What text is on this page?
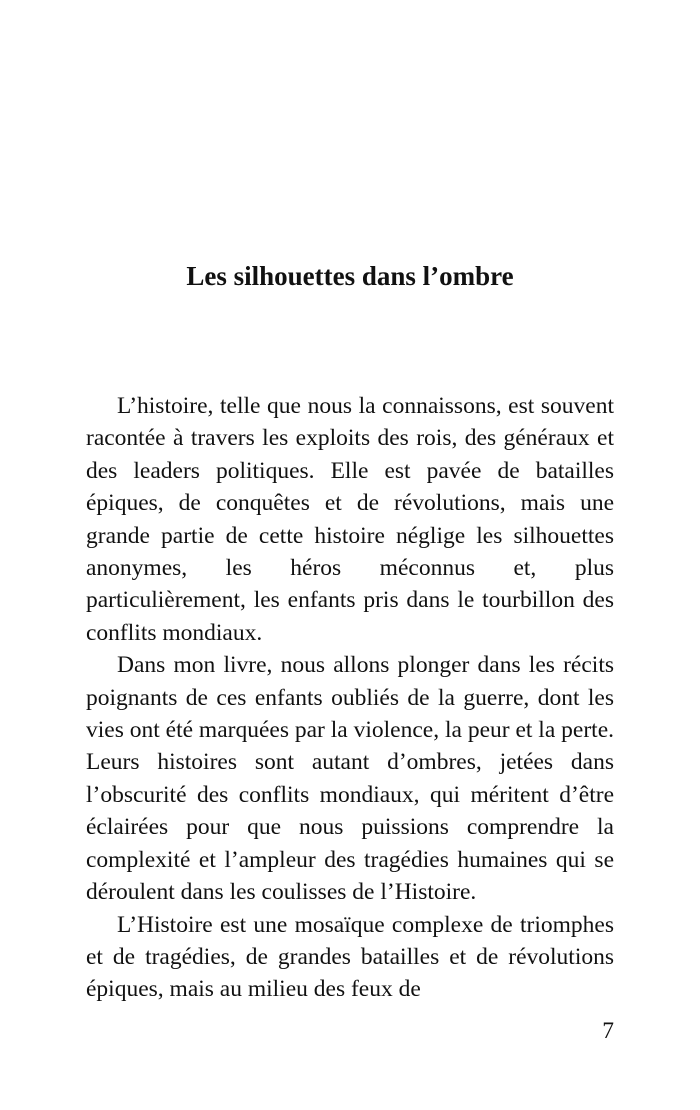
Les silhouettes dans l’ombre

L’histoire, telle que nous la connaissons, est souvent racontée à travers les exploits des rois, des généraux et des leaders politiques. Elle est pavée de batailles épiques, de conquêtes et de révolutions, mais une grande partie de cette histoire néglige les silhouettes anonymes, les héros méconnus et, plus particulièrement, les enfants pris dans le tourbillon des conflits mondiaux.

Dans mon livre, nous allons plonger dans les récits poignants de ces enfants oubliés de la guerre, dont les vies ont été marquées par la violence, la peur et la perte. Leurs histoires sont autant d’ombres, jetées dans l’obscurité des conflits mondiaux, qui méritent d’être éclairées pour que nous puissions comprendre la complexité et l’ampleur des tragédies humaines qui se déroulent dans les coulisses de l’Histoire.

L’Histoire est une mosaïque complexe de triomphes et de tragédies, de grandes batailles et de révolutions épiques, mais au milieu des feux de

7
